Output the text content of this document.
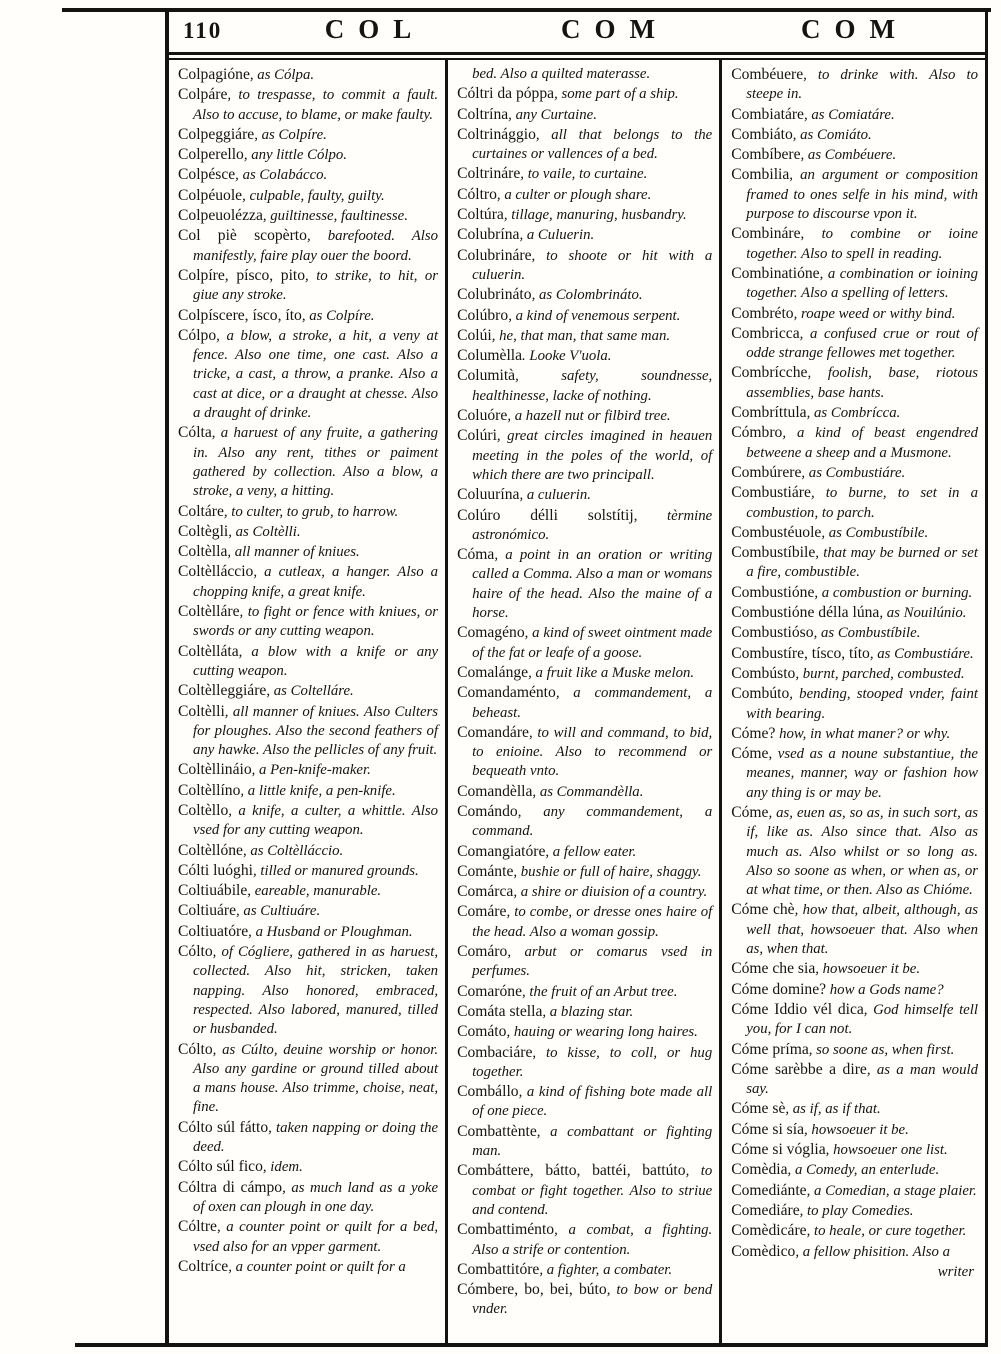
110	COL	COM	COM

Colpagióne, as Cólpa.

Colpáre, to trespasse, to commit a fault. Also to accuse, to blame, or make faulty.

Colpeggiáre, as Colpíre.

Colperello, any little Cólpo.

Colpésce, as Colabácco.

Colpéuole, culpable, faulty, guilty.

Colpeuolézza, guiltinesse, faultinesse.

Col piè scopèrto, barefooted. Also manifestly, faire play ouer the boord.

Colpíre, písco, pito, to strike, to hit, or giue any stroke.

Colpíscere, ísco, íto, as Colpíre.

Cólpo, a blow, a stroke, a hit, a veny at fence. Also one time, one cast. Also a tricke, a cast, a throw, a pranke. Also a cast at dice, or a draught at chesse. Also a draught of drinke.

Cólta, a haruest of any fruite, a gathering in. Also any rent, tithes or paiment gathered by collection. Also a blow, a stroke, a veny, a hitting.

Coltáre, to culter, to grub, to harrow.

Coltègli, as Coltèlli.

Coltèlla, all manner of kniues.

Coltèlláccio, a cutleax, a hanger. Also a chopping knife, a great knife.

Coltèlláre, to fight or fence with kniues, or swords or any cutting weapon.

Coltèlláta, a blow with a knife or any cutting weapon.

Coltèlleggiáre, as Coltelláre.

Coltèlli, all manner of kniues. Also Culters for ploughes. Also the second feathers of any hawke. Also the pellicles of any fruit.

Coltèllináio, a Pen-knife-maker.

Coltèllíno, a little knife, a pen-knife.

Coltèllo, a knife, a culter, a whittle. Also vsed for any cutting weapon.

Coltèllóne, as Coltèlláccio.

Cólti luóghi, tilled or manured grounds.

Coltiuábile, eareable, manurable.

Coltiuáre, as Cultiuáre.

Coltiuatóre, a Husband or Ploughman.

Cólto, of Cógliere, gathered in as haruest, collected. Also hit, stricken, taken napping. Also honored, embraced, respected. Also labored, manured, tilled or husbanded.

Cólto, as Cúlto, deuine worship or honor. Also any gardine or ground tilled about a mans house. Also trimme, choise, neat, fine.

Cólto súl fátto, taken napping or doing the deed.

Cólto súl fico, idem.

Cóltra di cámpo, as much land as a yoke of oxen can plough in one day.

Cóltre, a counter point or quilt for a bed, vsed also for an vpper garment.

Coltríce, a counter point or quilt for a

bed. Also a quilted materasse.

Cóltri da póppa, some part of a ship.

Coltrína, any Curtaine.

Coltrinággio, all that belongs to the curtaines or vallences of a bed.

Coltrináre, to vaile, to curtaine.

Cóltro, a culter or plough share.

Coltúra, tillage, manuring, husbandry.

Colubrína, a Culuerin.

Colubrináre, to shoote or hit with a culuerin.

Colubrináto, as Colombrináto.

Colúbro, a kind of venemous serpent.

Colúi, he, that man, that same man.

Columèlla. Looke V'uola.

Columità, safety, soundnesse, healthinesse, lacke of nothing.

Coluóre, a hazell nut or filbird tree.

Colúri, great circles imagined in heauen meeting in the poles of the world, of which there are two principall.

Coluurína, a culuerin.

Colúro délli solstítij, tèrmine astronómico.

Cóma, a point in an oration or writing called a Comma. Also a man or womans haire of the head. Also the maine of a horse.

Comagéno, a kind of sweet ointment made of the fat or leafe of a goose.

Comalánge, a fruit like a Muske melon.

Comandaménto, a commandement, a beheast.

Comandáre, to will and command, to bid, to enioine. Also to recommend or bequeath vnto.

Comandèlla, as Commandèlla.

Comándo, any commandement, a command.

Comangiatóre, a fellow eater.

Cománte, bushie or full of haire, shaggy.

Comárca, a shire or diuision of a country.

Comáre, to combe, or dresse ones haire of the head. Also a woman gossip.

Comáro, arbut or comarus vsed in perfumes.

Comaróne, the fruit of an Arbut tree.

Comáta stella, a blazing star.

Comáto, hauing or wearing long haires.

Combaciáre, to kisse, to coll, or hug together.

Combállo, a kind of fishing bote made all of one piece.

Combattènte, a combattant or fighting man.

Combáttere, bátto, battéi, battúto, to combat or fight together. Also to striue and contend.

Combattiménto, a combat, a fighting. Also a strife or contention.

Combattitóre, a fighter, a combater.

Cómbere, bo, bei, búto, to bow or bend vnder.

Combéuere, to drinke with. Also to steepe in.

Combiatáre, as Comiatáre.

Combiáto, as Comiáto.

Combíbere, as Combéuere.

Combilia, an argument or composition framed to ones selfe in his mind, with purpose to discourse vpon it.

Combináre, to combine or ioine together. Also to spell in reading.

Combinatióne, a combination or ioining together. Also a spelling of letters.

Combréto, roape weed or withy bind.

Combricca, a confused crue or rout of odde strange fellowes met together.

Combrícche, foolish, base, riotous assemblies, base hants.

Combríttula, as Combrícca.

Cómbro, a kind of beast engendred betweene a sheep and a Musmone.

Combúrere, as Combustiáre.

Combustiáre, to burne, to set in a combustion, to parch.

Combustéuole, as Combustíbile.

Combustíbile, that may be burned or set a fire, combustible.

Combustióne, a combustion or burning.

Combustióne délla lúna, as Nouilúnio.

Combustióso, as Combustíbile.

Combustíre, tísco, títo, as Combustiáre.

Combústo, burnt, parched, combusted.

Combúto, bending, stooped vnder, faint with bearing.

Cóme? how, in what maner? or why.

Cóme, vsed as a noune substantiue, the meanes, manner, way or fashion how any thing is or may be.

Cóme, as, euen as, so as, in such sort, as if, like as. Also since that. Also as much as. Also whilst or so long as. Also so soone as when, or when as, or at what time, or then. Also as Chióme.

Cóme chè, how that, albeit, although, as well that, howsoeuer that. Also when as, when that.

Cóme che sia, howsoeuer it be.

Cóme domine? how a Gods name?

Cóme Iddio vél dica, God himselfe tell you, for I can not.

Cóme príma, so soone as, when first.

Cóme sarèbbe a dire, as a man would say.

Cóme sè, as if, as if that.

Cóme si sía, howsoeuer it be.

Cóme si vóglia, howsoeuer one list.

Comèdia, a Comedy, an enterlude.

Comediánte, a Comedian, a stage plaier.

Comediáre, to play Comedies.

Comèdicáre, to heale, or cure together.

Comèdico, a fellow phisition. Also a

writer
